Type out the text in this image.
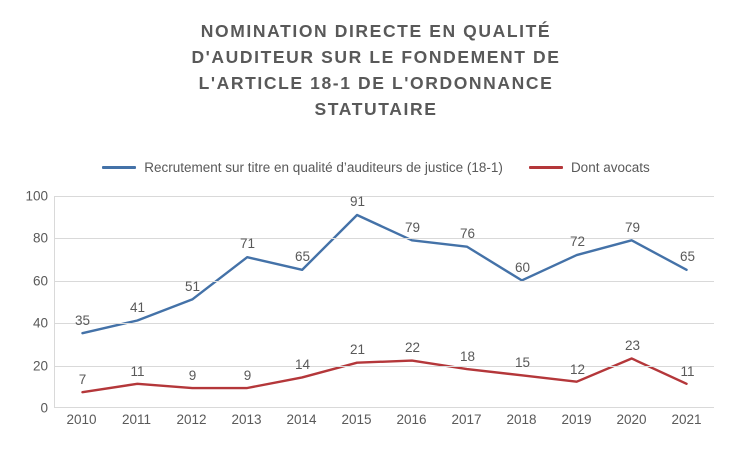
NOMINATION DIRECTE EN QUALITÉ
D'AUDITEUR SUR LE FONDEMENT DE
L'ARTICLE 18-1 DE L'ORDONNANCE
STATUTAIRE
Recrutement sur titre en qualité d’auditeurs de justice (18-1)	Dont avocats
0
20
40
60
80
100
35
41
51
71
65
91
79	76
60
72
79
65
7
11	9	9
14
21	22
18	15	12
23
11
2010 2011 2012 2013 2014 2015 2016 2017 2018 2019 2020 2021
